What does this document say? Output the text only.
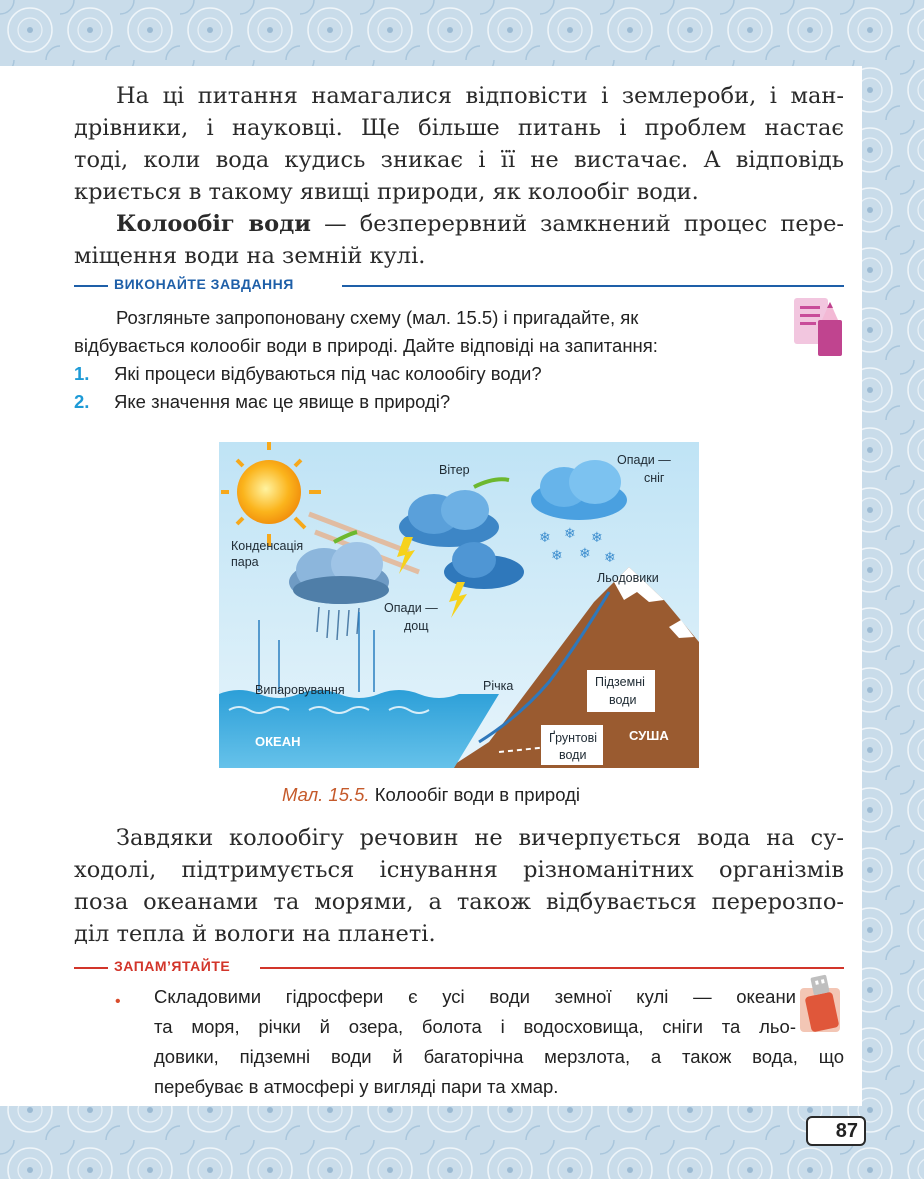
На ці питання намагалися відповісти і землероби, і ман-
дрівники, і науковці. Ще більше питань і проблем настає
тоді, коли вода кудись зникає і її не вистачає. А відповідь
криється в такому явищі природи, як колообіг води.
Колообіг води — безперервний замкнений процес пере-
міщення води на земній кулі.
ВИКОНАЙТЕ ЗАВДАННЯ
Розгляньте запропоновану схему (мал. 15.5) і пригадайте, як
відбувається колообіг води в природі. Дайте відповіді на запитання:
1. Які процеси відбуваються під час колообігу води?
2. Яке значення має це явище в природі?
❄ ❄ ❄
❄ ❄ ❄
Вітер
Опади —
сніг
Конденсація
пара
Льодовики
Опади —
дощ
Випаровування	Річка	Підземні
води
Ґрунтові
води
ОКЕАН	СУША
Мал. 15.5. Колообіг води в природі
Завдяки колообігу речовин не вичерпується вода на су-
ходолі, підтримується існування різноманітних організмів
поза океанами та морями, а також відбувається перерозпо-
діл тепла й вологи на планеті.
ЗАПАМ’ЯТАЙТЕ
• Складовими гідросфери є усі води земної кулі — океани
та моря, річки й озера, болота і водосховища, сніги та льо-
довики, підземні води й багаторічна мерзлота, а також вода, що
перебуває в атмосфері у вигляді пари та хмар.
87
